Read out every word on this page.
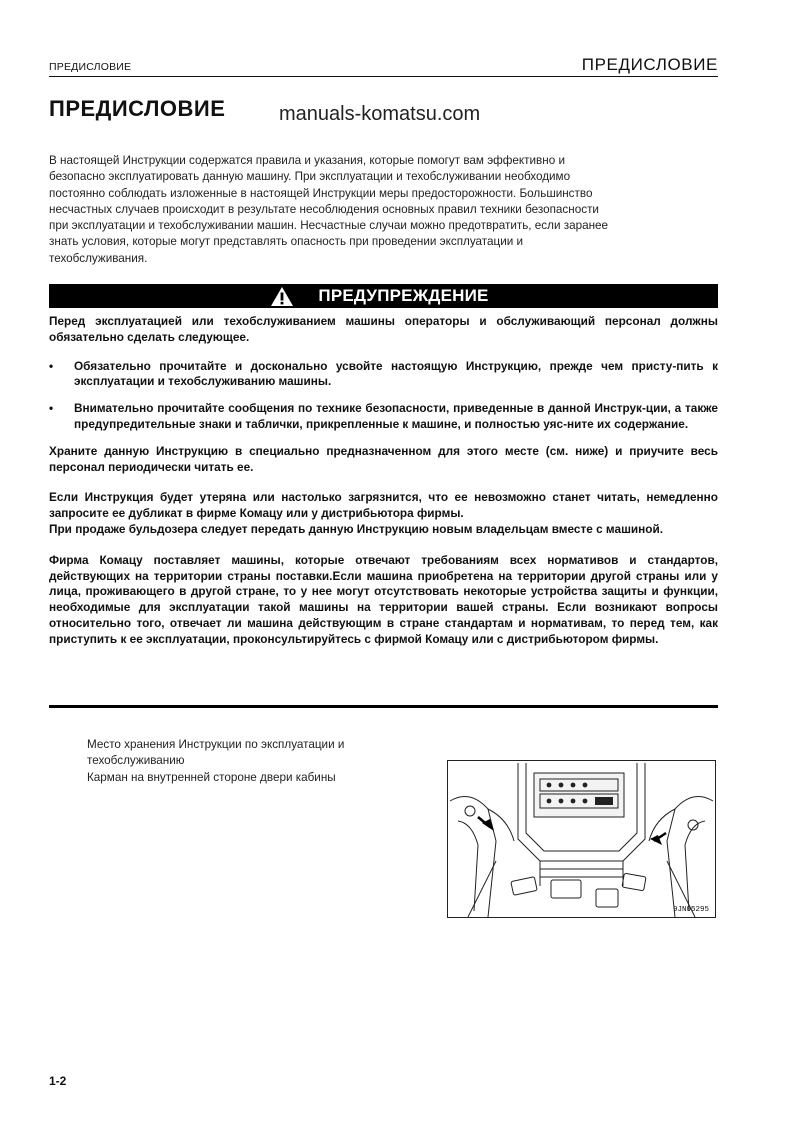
ПРЕДИСЛОВИЕ	ПРЕДИСЛОВИЕ
ПРЕДИСЛОВИЕ	manuals-komatsu.com
В настоящей Инструкции содержатся правила и указания, которые помогут вам эффективно и
безопасно эксплуатировать данную машину. При эксплуатации и техобслуживании необходимо
постоянно соблюдать изложенные в настоящей Инструкции меры предосторожности. Большинство
несчастных случаев происходит в результате несоблюдения основных правил техники безопасности
при эксплуатации и техобслуживании машин. Несчастные случаи можно предотвратить, если заранее
знать условия, которые могут представлять опасность при проведении эксплуатации и
техобслуживания.
ПРЕДУПРЕЖДЕНИЕ

Перед эксплуатацией или техобслуживанием машины операторы и обслуживающий персонал должны обязательно сделать следующее.

• Обязательно прочитайте и досконально усвойте настоящую Инструкцию, прежде чем присту-пить к эксплуатации и техобслуживанию машины.
• Внимательно прочитайте сообщения по технике безопасности, приведенные в данной Инструк-ции, а также предупредительные знаки и таблички, прикрепленные к машине, и полностью уяс-ните их содержание.

Храните данную Инструкцию в специально предназначенном для этого месте (см. ниже) и приучите весь персонал периодически читать ее.

Если Инструкция будет утеряна или настолько загрязнится, что ее невозможно станет читать, немедленно запросите ее дубликат в фирме Комацу или у дистрибьютора фирмы.

При продаже бульдозера следует передать данную Инструкцию новым владельцам вместе с машиной.

Фирма Комацу поставляет машины, которые отвечают требованиям всех нормативов и стандартов, действующих на территории страны поставки.Если машина приобретена на территории другой страны или у лица, проживающего в другой стране, то у нее могут отсутствовать некоторые устройства защиты и функции, необходимые для эксплуатации такой машины на территории вашей страны. Если возникают вопросы относительно того, отвечает ли машина действующим в стране стандартам и нормативам, то перед тем, как приступить к ее эксплуатации, проконсультируйтесь с фирмой Комацу или с дистрибьютором фирмы.

Место хранения Инструкции по эксплуатации и
техобслуживанию
Карман на внутренней стороне двери кабины
9JN05295
1-2
